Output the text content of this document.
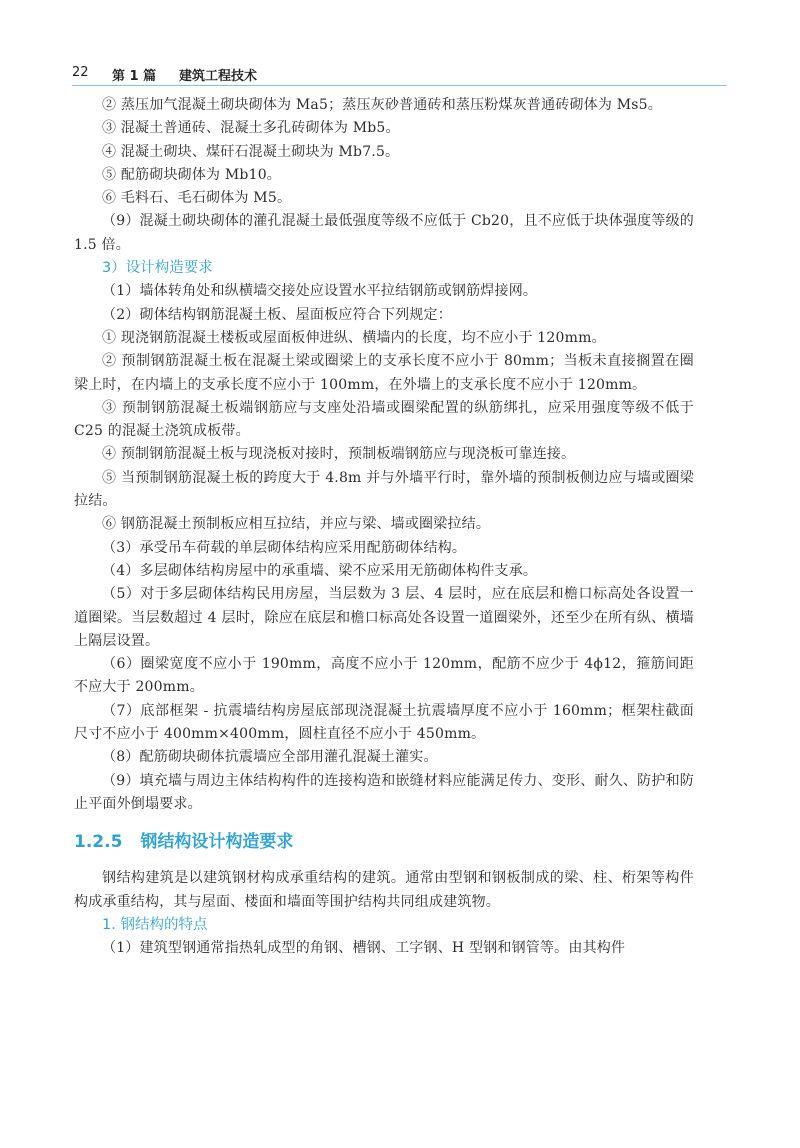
22 第 1 篇 建筑工程技术

② 蒸压加气混凝土砌块砌体为 Ma5；蒸压灰砂普通砖和蒸压粉煤灰普通砖砌体为 Ms5。

③ 混凝土普通砖、混凝土多孔砖砌体为 Mb5。

④ 混凝土砌块、煤矸石混凝土砌块为 Mb7.5。

⑤ 配筋砌块砌体为 Mb10。

⑥ 毛料石、毛石砌体为 M5。

（9）混凝土砌块砌体的灌孔混凝土最低强度等级不应低于 Cb20，且不应低于块体强度等级的 1.5 倍。

3）设计构造要求

（1）墙体转角处和纵横墙交接处应设置水平拉结钢筋或钢筋焊接网。

（2）砌体结构钢筋混凝土板、屋面板应符合下列规定：

① 现浇钢筋混凝土楼板或屋面板伸进纵、横墙内的长度，均不应小于 120mm。

② 预制钢筋混凝土板在混凝土梁或圈梁上的支承长度不应小于 80mm；当板未直接搁置在圈梁上时，在内墙上的支承长度不应小于 100mm，在外墙上的支承长度不应小于 120mm。

③ 预制钢筋混凝土板端钢筋应与支座处沿墙或圈梁配置的纵筋绑扎，应采用强度等级不低于 C25 的混凝土浇筑成板带。

④ 预制钢筋混凝土板与现浇板对接时，预制板端钢筋应与现浇板可靠连接。

⑤ 当预制钢筋混凝土板的跨度大于 4.8m 并与外墙平行时，靠外墙的预制板侧边应与墙或圈梁拉结。

⑥ 钢筋混凝土预制板应相互拉结，并应与梁、墙或圈梁拉结。

（3）承受吊车荷载的单层砌体结构应采用配筋砌体结构。

（4）多层砌体结构房屋中的承重墙、梁不应采用无筋砌体构件支承。

（5）对于多层砌体结构民用房屋，当层数为 3 层、4 层时，应在底层和檐口标高处各设置一道圈梁。当层数超过 4 层时，除应在底层和檐口标高处各设置一道圈梁外，还至少在所有纵、横墙上隔层设置。

（6）圈梁宽度不应小于 190mm，高度不应小于 120mm，配筋不应少于 4ϕ12，箍筋间距不应大于 200mm。

（7）底部框架 - 抗震墙结构房屋底部现浇混凝土抗震墙厚度不应小于 160mm；框架柱截面尺寸不应小于 400mm×400mm，圆柱直径不应小于 450mm。

（8）配筋砌块砌体抗震墙应全部用灌孔混凝土灌实。

（9）填充墙与周边主体结构构件的连接构造和嵌缝材料应能满足传力、变形、耐久、防护和防止平面外倒塌要求。

1.2.5 钢结构设计构造要求

钢结构建筑是以建筑钢材构成承重结构的建筑。通常由型钢和钢板制成的梁、柱、桁架等构件构成承重结构，其与屋面、楼面和墙面等围护结构共同组成建筑物。

1. 钢结构的特点

（1）建筑型钢通常指热轧成型的角钢、槽钢、工字钢、H 型钢和钢管等。由其构件
